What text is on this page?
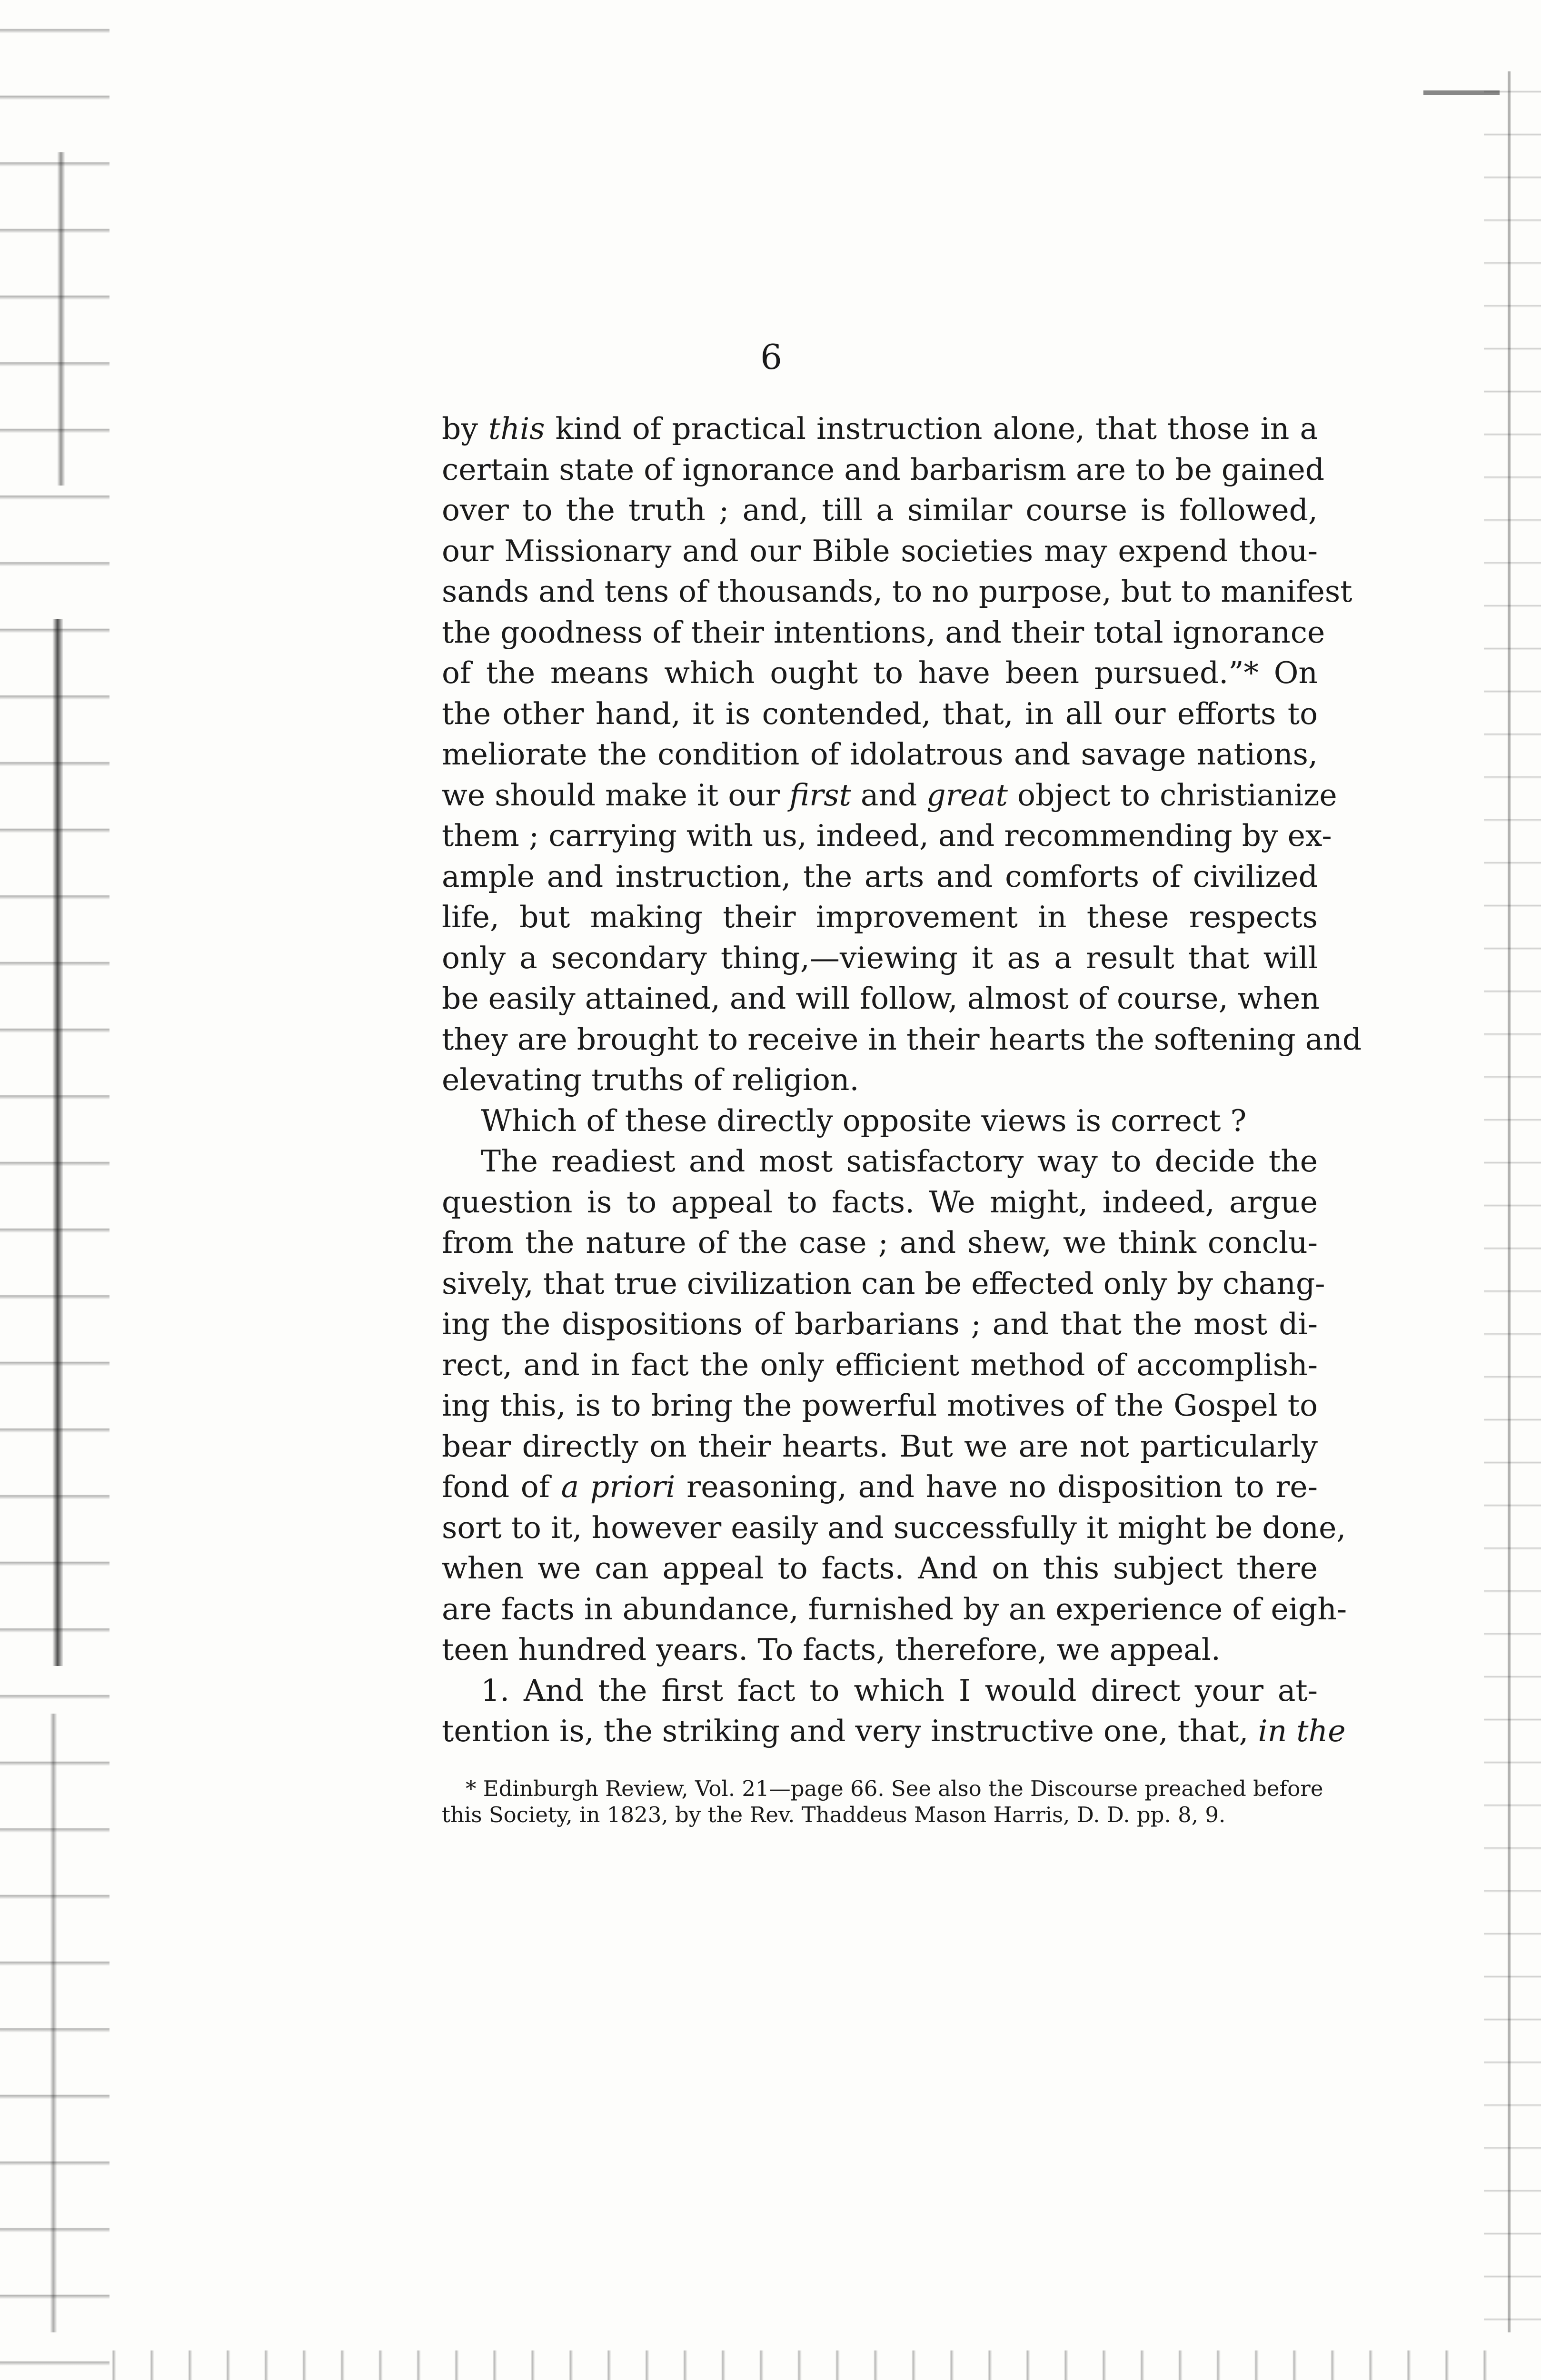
6
by this kind of practical instruction alone, that those in a
certain state of ignorance and barbarism are to be gained
over to the truth ; and, till a similar course is followed,
our Missionary and our Bible societies may expend thou-
sands and tens of thousands, to no purpose, but to manifest
the goodness of their intentions, and their total ignorance
of the means which ought to have been pursued.”* On
the other hand, it is contended, that, in all our efforts to
meliorate the condition of idolatrous and savage nations,
we should make it our first and great object to christianize
them ; carrying with us, indeed, and recommending by ex-
ample and instruction, the arts and comforts of civilized
life, but making their improvement in these respects
only a secondary thing,—viewing it as a result that will
be easily attained, and will follow, almost of course, when
they are brought to receive in their hearts the softening and
elevating truths of religion.
Which of these directly opposite views is correct ?
The readiest and most satisfactory way to decide the
question is to appeal to facts. We might, indeed, argue
from the nature of the case ; and shew, we think conclu-
sively, that true civilization can be effected only by chang-
ing the dispositions of barbarians ; and that the most di-
rect, and in fact the only efficient method of accomplish-
ing this, is to bring the powerful motives of the Gospel to
bear directly on their hearts. But we are not particularly
fond of a priori reasoning, and have no disposition to re-
sort to it, however easily and successfully it might be done,
when we can appeal to facts. And on this subject there
are facts in abundance, furnished by an experience of eigh-
teen hundred years. To facts, therefore, we appeal.
1. And the first fact to which I would direct your at-
tention is, the striking and very instructive one, that, in the
* Edinburgh Review, Vol. 21—page 66. See also the Discourse preached before
this Society, in 1823, by the Rev. Thaddeus Mason Harris, D. D. pp. 8, 9.
